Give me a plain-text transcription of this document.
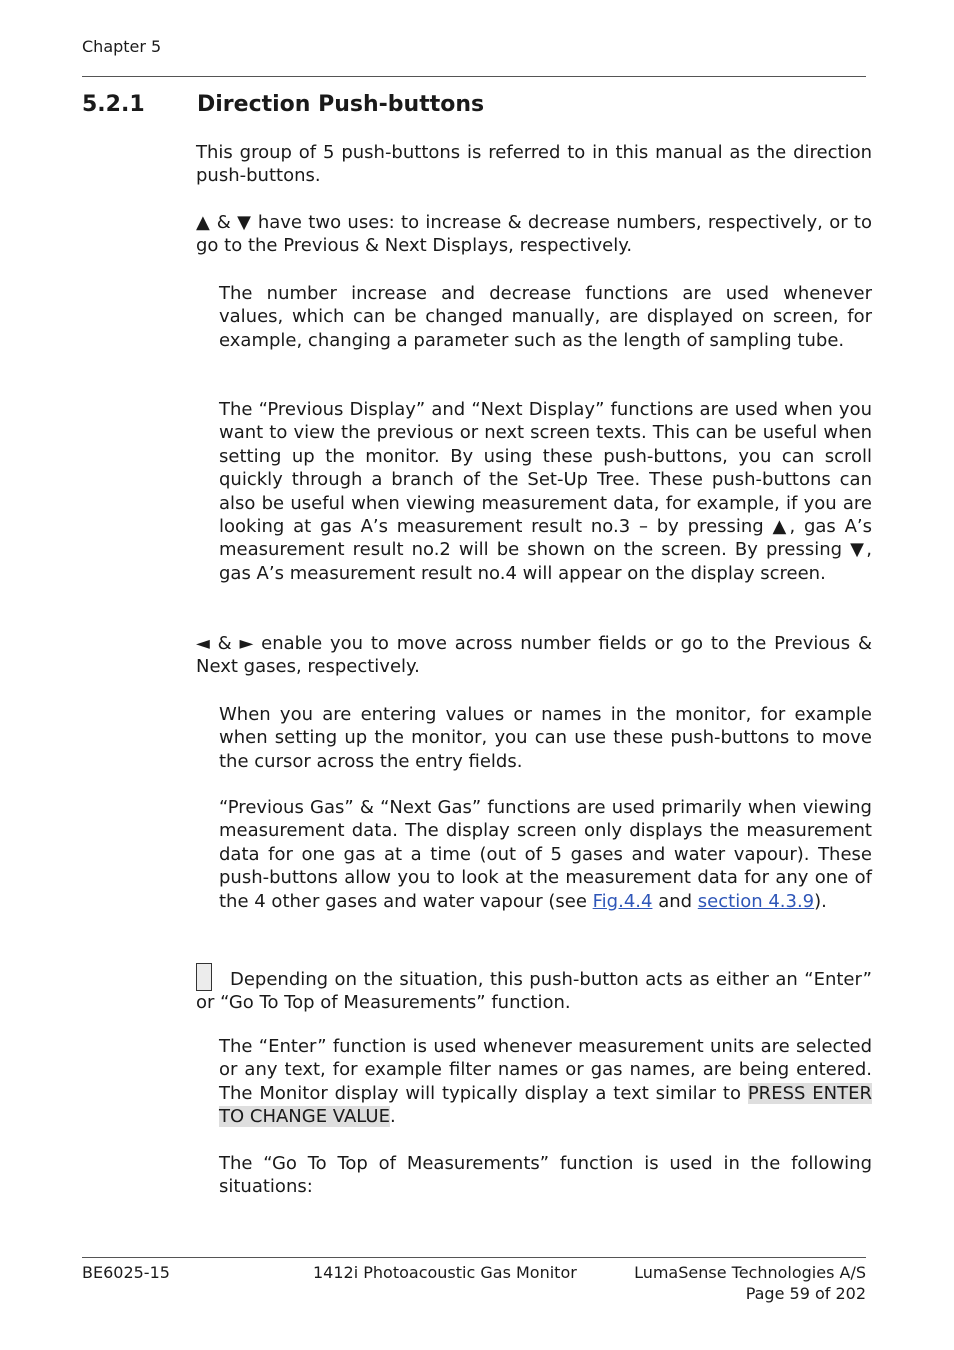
Chapter 5
5.2.1 Direction Push-buttons

This group of 5 push-buttons is referred to in this manual as the direction push-buttons.

▲ & ▼ have two uses: to increase & decrease numbers, respectively, or to go to the Previous & Next Displays, respectively.

The number increase and decrease functions are used whenever values, which can be changed manually, are displayed on screen, for example, changing a parameter such as the length of sampling tube.

The “Previous Display” and “Next Display” functions are used when you want to view the previous or next screen texts. This can be useful when setting up the monitor. By using these push-buttons, you can scroll quickly through a branch of the Set-Up Tree. These push-buttons can also be useful when viewing measurement data, for example, if you are looking at gas A’s measurement result no.3 – by pressing ▲, gas A’s measurement result no.2 will be shown on the screen. By pressing ▼, gas A’s measurement result no.4 will appear on the display screen.

◄ & ► enable you to move across number fields or go to the Previous & Next gases, respectively.

When you are entering values or names in the monitor, for example when setting up the monitor, you can use these push-buttons to move the cursor across the entry fields.

“Previous Gas” & “Next Gas” functions are used primarily when viewing measurement data. The display screen only displays the measurement data for one gas at a time (out of 5 gases and water vapour). These push-buttons allow you to look at the measurement data for any one of the 4 other gases and water vapour (see Fig.4.4 and section 4.3.9).

Depending on the situation, this push-button acts as either an “Enter” or “Go To Top of Measurements” function.

The “Enter” function is used whenever measurement units are selected or any text, for example filter names or gas names, are being entered. The Monitor display will typically display a text similar to PRESS ENTER TO CHANGE VALUE.

The “Go To Top of Measurements” function is used in the following situations:

BE6025-15	1412i Photoacoustic Gas Monitor	LumaSense Technologies A/S
Page 59 of 202
